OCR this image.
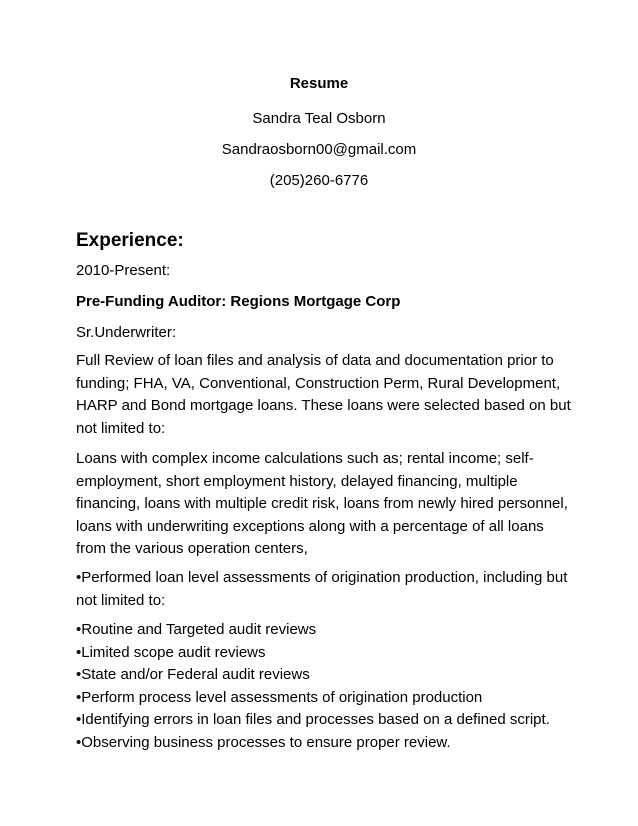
Resume
Sandra Teal Osborn
Sandraosborn00@gmail.com
(205)260-6776
Experience:
2010-Present:
Pre-Funding Auditor: Regions Mortgage Corp
Sr.Underwriter:
Full Review of loan files and analysis of data and documentation prior to funding; FHA, VA, Conventional, Construction Perm, Rural Development, HARP and Bond mortgage loans. These loans were selected based on but not limited to:
Loans with complex income calculations such as; rental income; self-employment, short employment history, delayed financing, multiple financing, loans with multiple credit risk, loans from newly hired personnel, loans with underwriting exceptions along with a percentage of all loans from the various operation centers,
•Performed loan level assessments of origination production, including but not limited to:
•Routine and Targeted audit reviews
•Limited scope audit reviews
•State and/or Federal audit reviews
•Perform process level assessments of origination production
•Identifying errors in loan files and processes based on a defined script.
•Observing business processes to ensure proper review.
